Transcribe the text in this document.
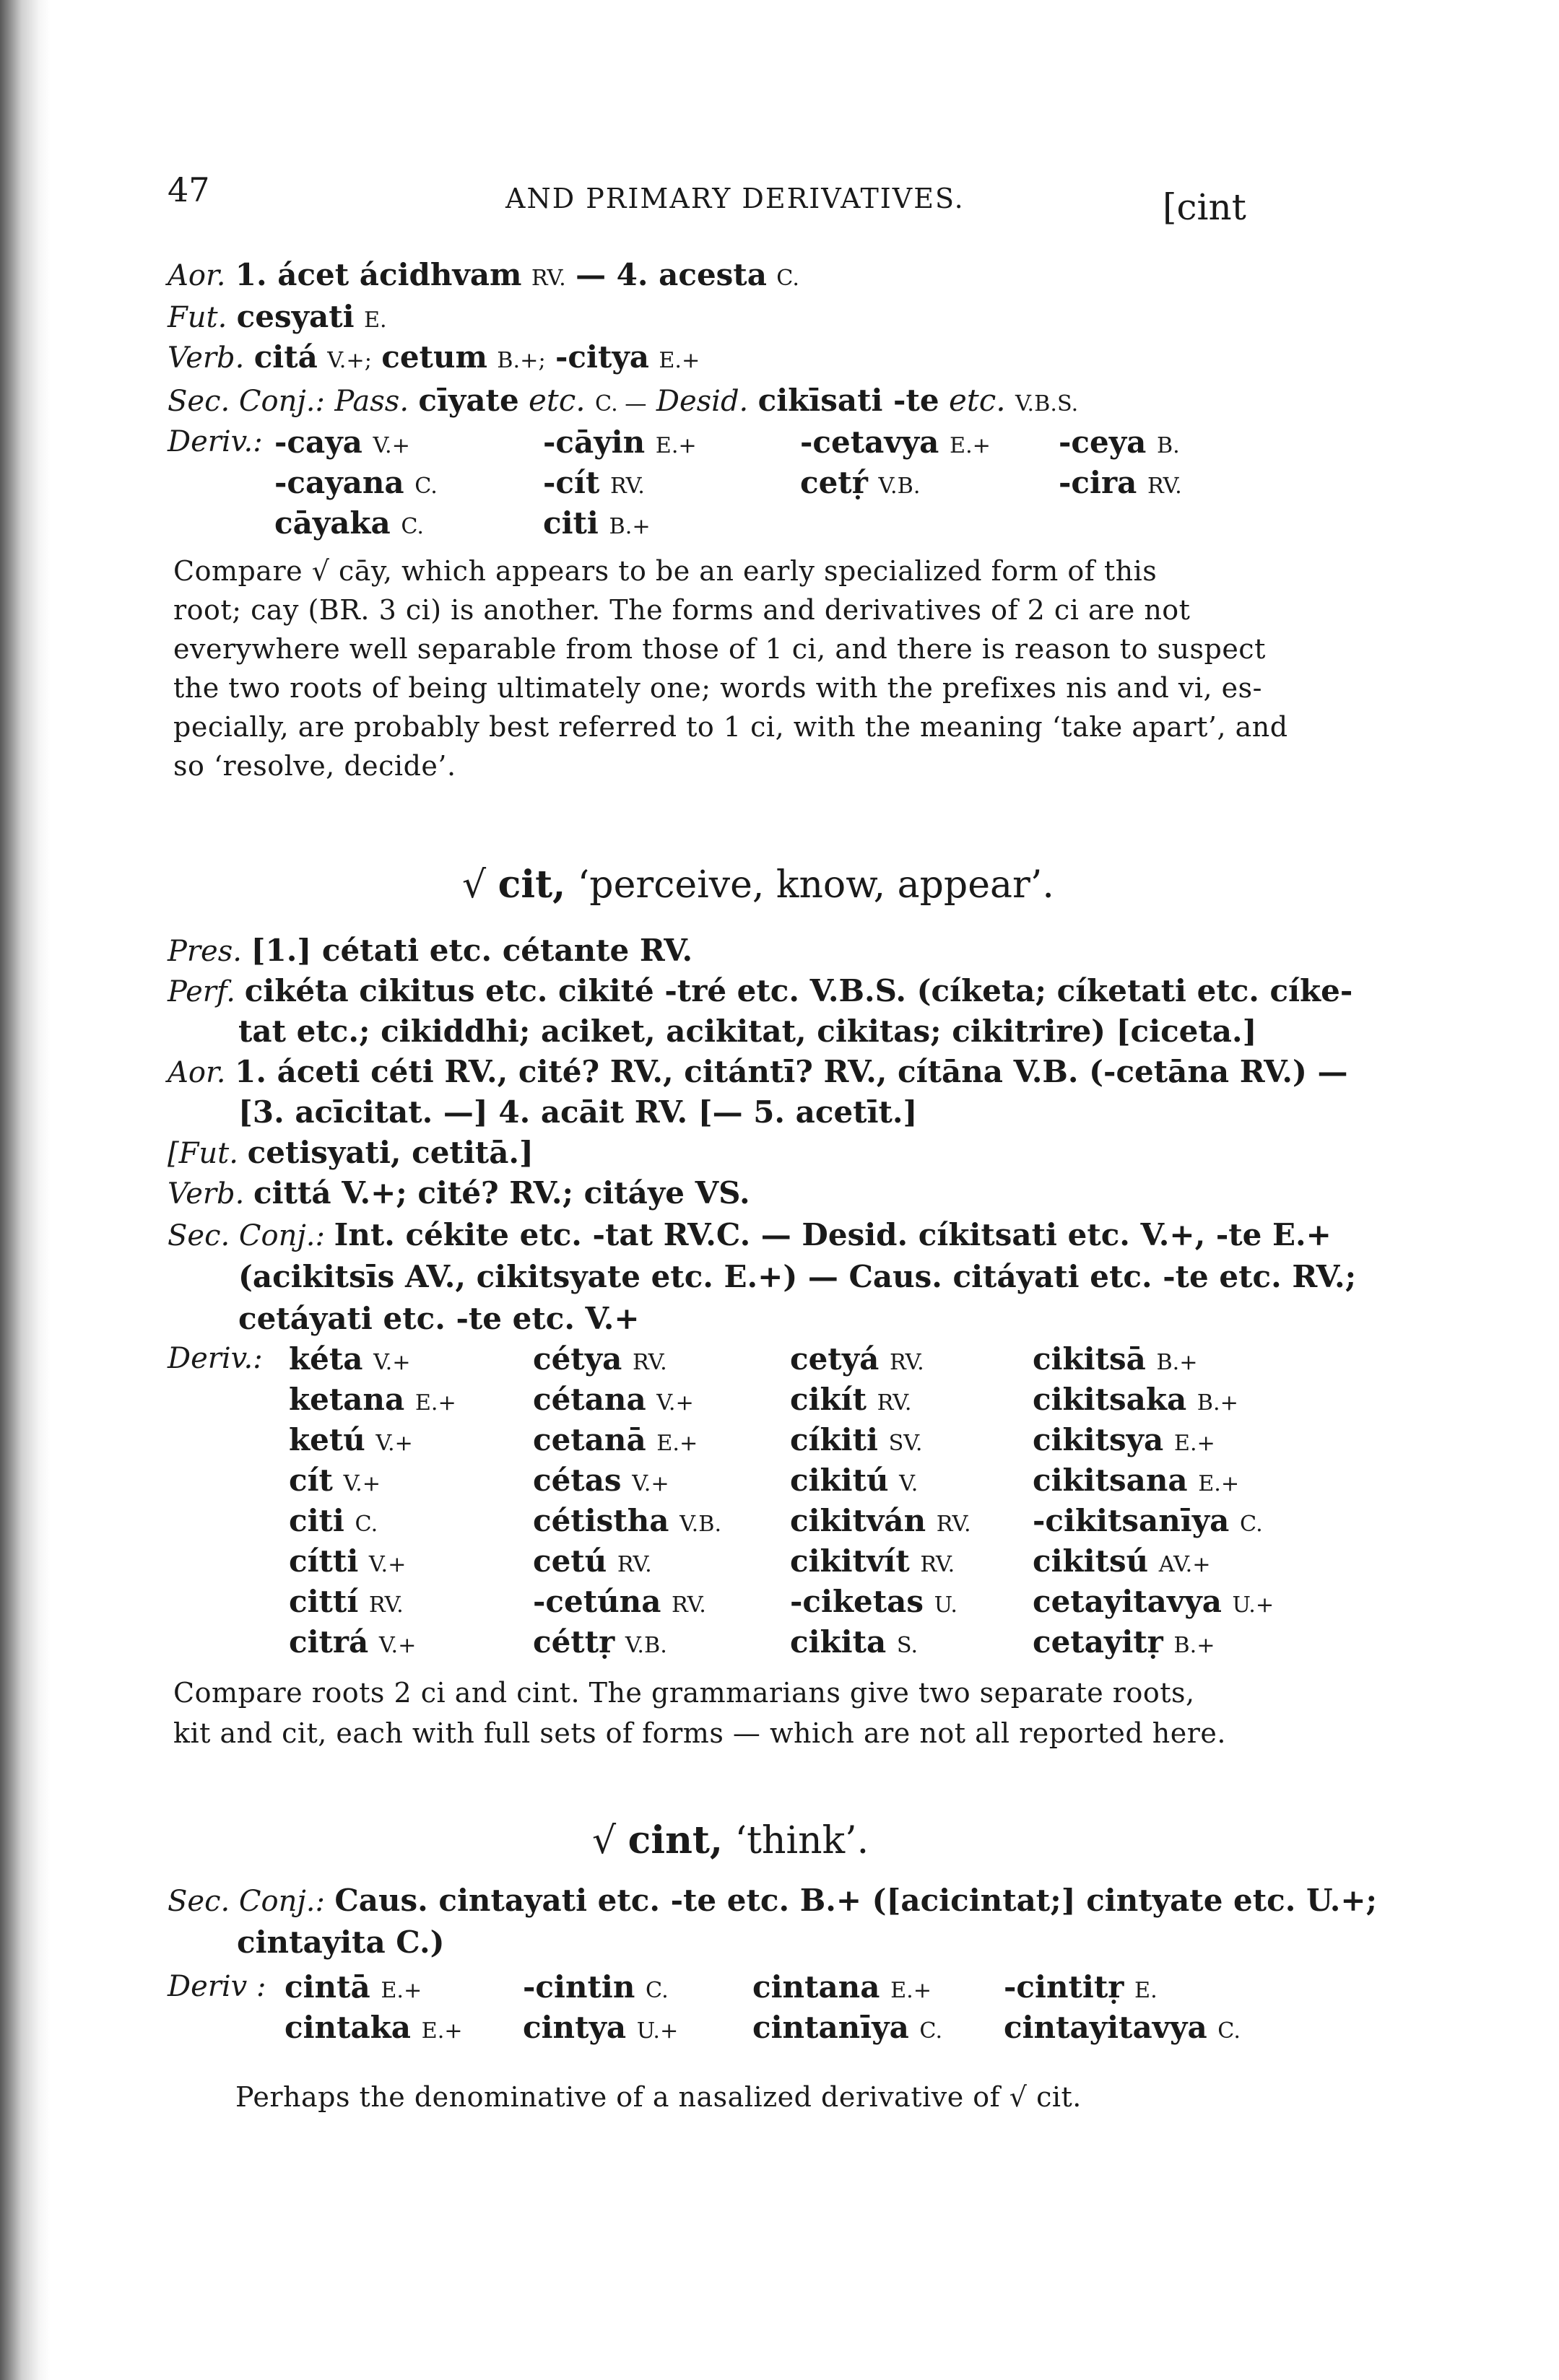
47	AND PRIMARY DERIVATIVES.	[cint
Aor. 1. ácet ácidhvam RV. — 4. acesta C.
Fut. cesyati E.
Verb. citá V.+; cetum B.+; -citya E.+
Sec. Conj.: Pass. cīyate etc. C. — Desid. cikīsati -te etc. V.B.S.
Deriv.: -caya V.+	-cāyin E.+	-cetavya E.+ -ceya B.
-cayana C.	-cít RV.	cetṛ́ V.B.	-cira RV.
cāyaka C.	citi B.+
Compare √ cāy, which appears to be an early specialized form of this
root; cay (BR. 3 ci) is another. The forms and derivatives of 2 ci are not
everywhere well separable from those of 1 ci, and there is reason to suspect
the two roots of being ultimately one; words with the prefixes nis and vi, es-
pecially, are probably best referred to 1 ci, with the meaning ‘take apart’, and
so ‘resolve, decide’.
√ cit, ‘perceive, know, appear’.
Pres. [1.] cétati etc. cétante RV.
Perf. cikéta cikitus etc. cikité -tré etc. V.B.S. (cíketa; cíketati etc. cíke-
tat etc.; cikiddhi; aciket, acikitat, cikitas; cikitrire) [ciceta.]
Aor. 1. áceti céti RV., cité? RV., citántī? RV., cítāna V.B. (-cetāna RV.) —
[3. acīcitat. —] 4. acāit RV. [— 5. acetīt.]
[Fut. cetisyati, cetitā.]
Verb. cittá V.+; cité? RV.; citáye VS.
Sec. Conj.: Int. cékite etc. -tat RV.C. — Desid. cíkitsati etc. V.+, -te E.+
(acikitsīs AV., cikitsyate etc. E.+) — Caus. citáyati etc. -te etc. RV.;
cetáyati etc. -te etc. V.+
Deriv.: kéta V.+	cétya RV.	cetyá RV.	cikitsā B.+
ketana E.+	cétana V.+	cikít RV.	cikitsaka B.+
ketú V.+	cetanā E.+	cíkiti SV.	cikitsya E.+
cít V.+	cétas V.+	cikitú V.	cikitsana E.+
citi C.	cétistha V.B. cikitván RV. -cikitsanīya C.
cítti V.+	cetú RV.	cikitvít RV.	cikitsú AV.+
cittí RV.	-cetúna RV.	-ciketas U. cetayitavya U.+
citrá V.+	céttṛ V.B.	cikita S.	cetayitṛ B.+
Compare roots 2 ci and cint. The grammarians give two separate roots,
kit and cit, each with full sets of forms — which are not all reported here.
√ cint, ‘think’.
Sec. Conj.: Caus. cintayati etc. -te etc. B.+ ([acicintat;] cintyate etc. U.+;
cintayita C.)
Deriv : cintā E.+	-cintin C.	cintana E.+ -cintitṛ E.
cintaka E.+ cintya U.+ cintanīya C. cintayitavya C.
Perhaps the denominative of a nasalized derivative of √ cit.
